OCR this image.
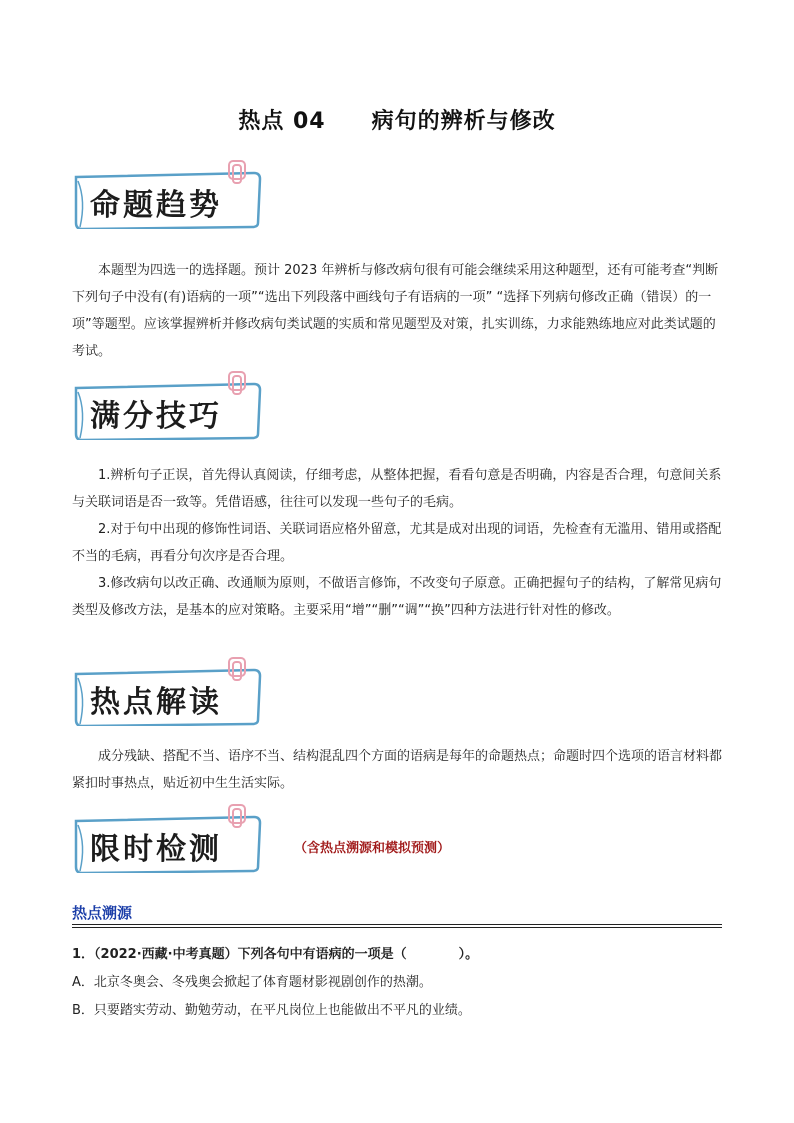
热点 04 病句的辨析与修改
命题趋势

本题型为四选一的选择题。预计 2023 年辨析与修改病句很有可能会继续采用这种题型，还有可能考查“判断下列句子中没有(有)语病的一项”“选出下列段落中画线句子有语病的一项” “选择下列病句修改正确（错误）的一项”等题型。应该掌握辨析并修改病句类试题的实质和常见题型及对策，扎实训练，力求能熟练地应对此类试题的考试。

满分技巧

1.辨析句子正误，首先得认真阅读，仔细考虑，从整体把握，看看句意是否明确，内容是否合理，句意间关系与关联词语是否一致等。凭借语感，往往可以发现一些句子的毛病。

2.对于句中出现的修饰性词语、关联词语应格外留意，尤其是成对出现的词语，先检查有无滥用、错用或搭配不当的毛病，再看分句次序是否合理。

3.修改病句以改正确、改通顺为原则，不做语言修饰，不改变句子原意。正确把握句子的结构，了解常见病句类型及修改方法，是基本的应对策略。主要采用“增”“删”“调”“换”四种方法进行针对性的修改。

热点解读

成分残缺、搭配不当、语序不当、结构混乱四个方面的语病是每年的命题热点；命题时四个选项的语言材料都紧扣时事热点，贴近初中生生活实际。

限时检测	（含热点溯源和模拟预测）
热点溯源
1．（2022·西藏·中考真题）下列各句中有语病的一项是（　　　　）。
A．北京冬奥会、冬残奥会掀起了体育题材影视剧创作的热潮。
B．只要踏实劳动、勤勉劳动，在平凡岗位上也能做出不平凡的业绩。
